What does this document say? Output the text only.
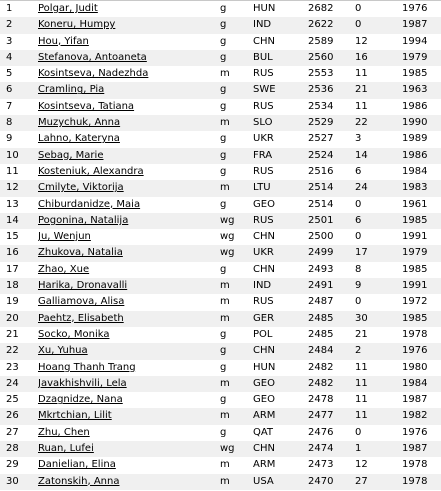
1	Polgar, Judit	g	HUN	2682	0	1976
2	Koneru, Humpy	g	IND	2622	0	1987
3	Hou, Yifan	g	CHN	2589	12	1994
4	Stefanova, Antoaneta	g	BUL	2560	16	1979
5	Kosintseva, Nadezhda	m	RUS	2553	11	1985
6	Cramling, Pia	g	SWE	2536	21	1963
7	Kosintseva, Tatiana	g	RUS	2534	11	1986
8	Muzychuk, Anna	m	SLO	2529	22	1990
9	Lahno, Kateryna	g	UKR	2527	3	1989
10	Sebag, Marie	g	FRA	2524	14	1986
11	Kosteniuk, Alexandra	g	RUS	2516	6	1984
12	Cmilyte, Viktorija	m	LTU	2514	24	1983
13	Chiburdanidze, Maia	g	GEO	2514	0	1961
14	Pogonina, Natalija	wg	RUS	2501	6	1985
15	Ju, Wenjun	wg	CHN	2500	0	1991
16	Zhukova, Natalia	wg	UKR	2499	17	1979
17	Zhao, Xue	g	CHN	2493	8	1985
18	Harika, Dronavalli	m	IND	2491	9	1991
19	Galliamova, Alisa	m	RUS	2487	0	1972
20	Paehtz, Elisabeth	m	GER	2485	30	1985
21	Socko, Monika	g	POL	2485	21	1978
22	Xu, Yuhua	g	CHN	2484	2	1976
23	Hoang Thanh Trang	g	HUN	2482	11	1980
24	Javakhishvili, Lela	m	GEO	2482	11	1984
25	Dzagnidze, Nana	g	GEO	2478	11	1987
26	Mkrtchian, Lilit	m	ARM	2477	11	1982
27	Zhu, Chen	g	QAT	2476	0	1976
28	Ruan, Lufei	wg	CHN	2474	1	1987
29	Danielian, Elina	m	ARM	2473	12	1978
30	Zatonskih, Anna	m	USA	2470	27	1978
